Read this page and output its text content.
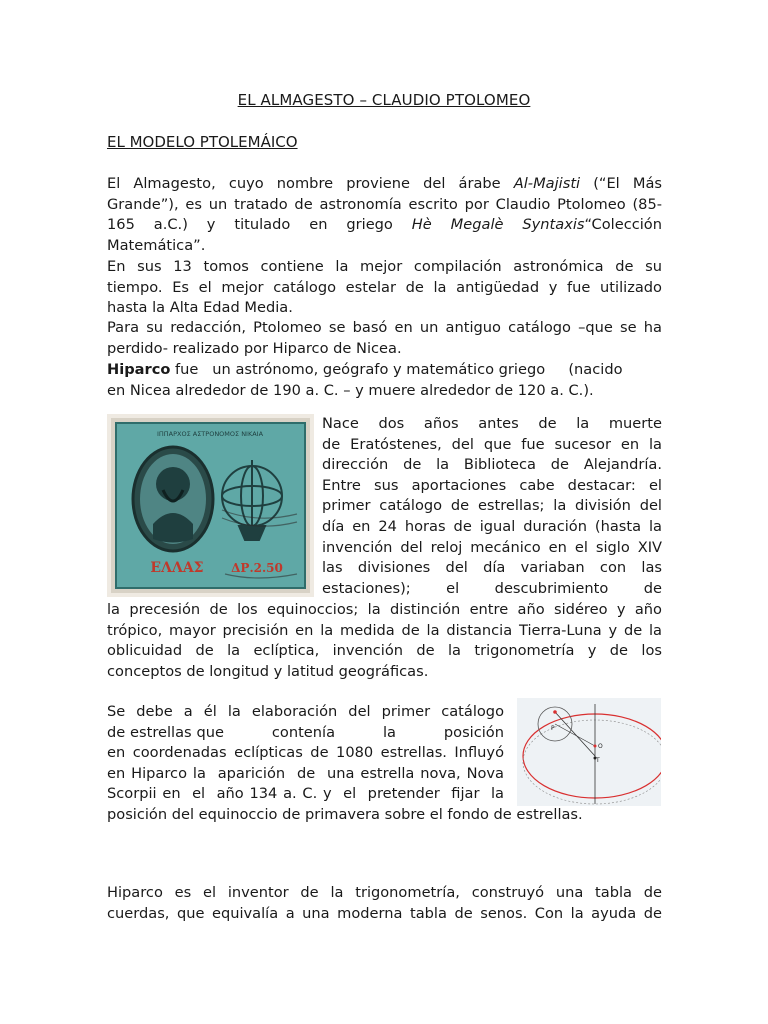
EL ALMAGESTO – CLAUDIO PTOLOMEO
EL MODELO PTOLEMÁICO
El Almagesto, cuyo nombre proviene del árabe Al-Majisti (“El Más
Grande”), es un tratado de astronomía escrito por Claudio Ptolomeo (85-
165 a.C.) y titulado en griego Hè Megalè Syntaxis“Colección
Matemática”.
En sus 13 tomos contiene la mejor compilación astronómica de su
tiempo. Es el mejor catálogo estelar de la antigüedad y fue utilizado
hasta la Alta Edad Media.
Para su redacción, Ptolomeo se basó en un antiguo catálogo –que se ha
perdido- realizado por Hiparco de Nicea.
Hiparco fue   un astrónomo, geógrafo y matemático griego     (nacido
en Nicea alrededor de 190 a. C. – y muere alrededor de 120 a. C.).
ΙΠΠΑΡΧΟΣ ΑΣΤΡΟΝΟΜΟΣ ΝΙΚΑΙΑ
ΕΛΛΑΣ ΔΡ.2.50
Nace dos años antes de la muerte
de Eratóstenes, del que fue sucesor en la
dirección de la Biblioteca de Alejandría.
Entre sus aportaciones cabe destacar: el
primer catálogo de estrellas; la división del
día en 24 horas de igual duración (hasta la
invención del reloj mecánico en el siglo XIV
las divisiones del día variaban con las
estaciones);     el     descubrimiento     de
la precesión de los equinoccios; la distinción entre año sidéreo y año
trópico, mayor precisión en la medida de la distancia Tierra-Luna y de la
oblicuidad de la eclíptica, invención de la trigonometría y de los
conceptos de longitud y latitud geográficas.
Se debe a él la elaboración del primer catálogo
de estrellas que          contenía          la          posición
en coordenadas eclípticas de 1080 estrellas. Influyó
en Hiparco la  aparición  de  una estrella nova, Nova
Scorpii en  el  año 134 a. C. y  el  pretender  fijar  la
posición del equinoccio de primavera sobre el fondo de estrellas.
P
O
T
Hiparco es el inventor de la trigonometría, construyó una tabla de
cuerdas, que equivalía a una moderna tabla de senos. Con la ayuda de
